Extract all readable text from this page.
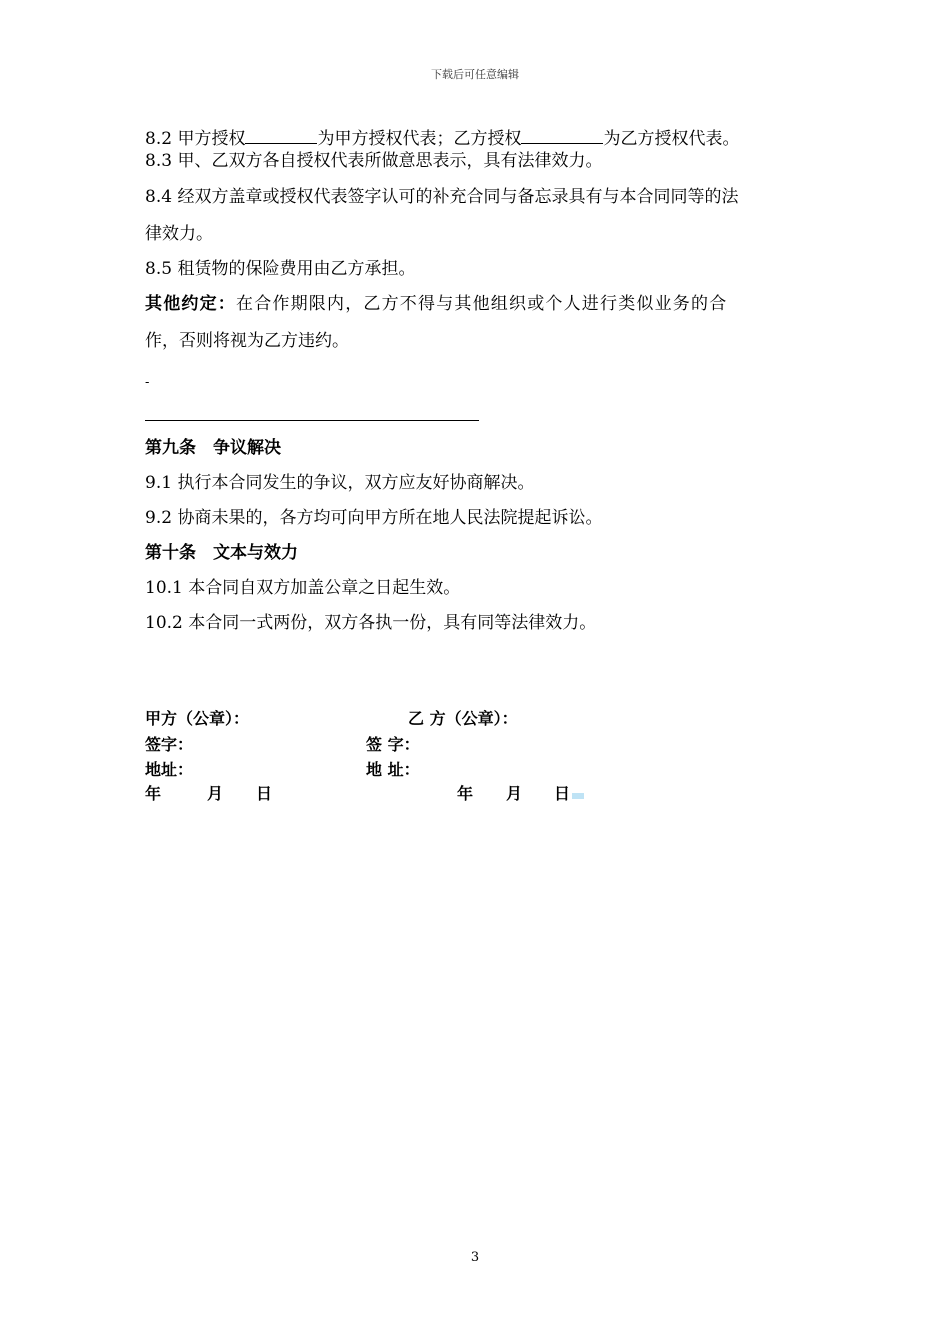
下载后可任意编辑
8.2 甲方授权	为甲方授权代表；乙方授权	为乙方授权代表。
8.3 甲、乙双方各自授权代表所做意思表示，具有法律效力。
8.4 经双方盖章或授权代表签字认可的补充合同与备忘录具有与本合同同等的法
律效力。
8.5 租赁物的保险费用由乙方承担。
其他约定：在合作期限内，乙方不得与其他组织或个人进行类似业务的合
作，否则将视为乙方违约。
-
第九条　争议解决
9.1 执行本合同发生的争议，双方应友好协商解决。
9.2 协商未果的，各方均可向甲方所在地人民法院提起诉讼。
第十条　文本与效力
10.1 本合同自双方加盖公章之日起生效。
10.2 本合同一式两份，双方各执一份，具有同等法律效力。
甲方（公章）：	乙 方（公章）：
签字：	签 字：
地址：	地 址：
年	月 日	年 月 日
3
